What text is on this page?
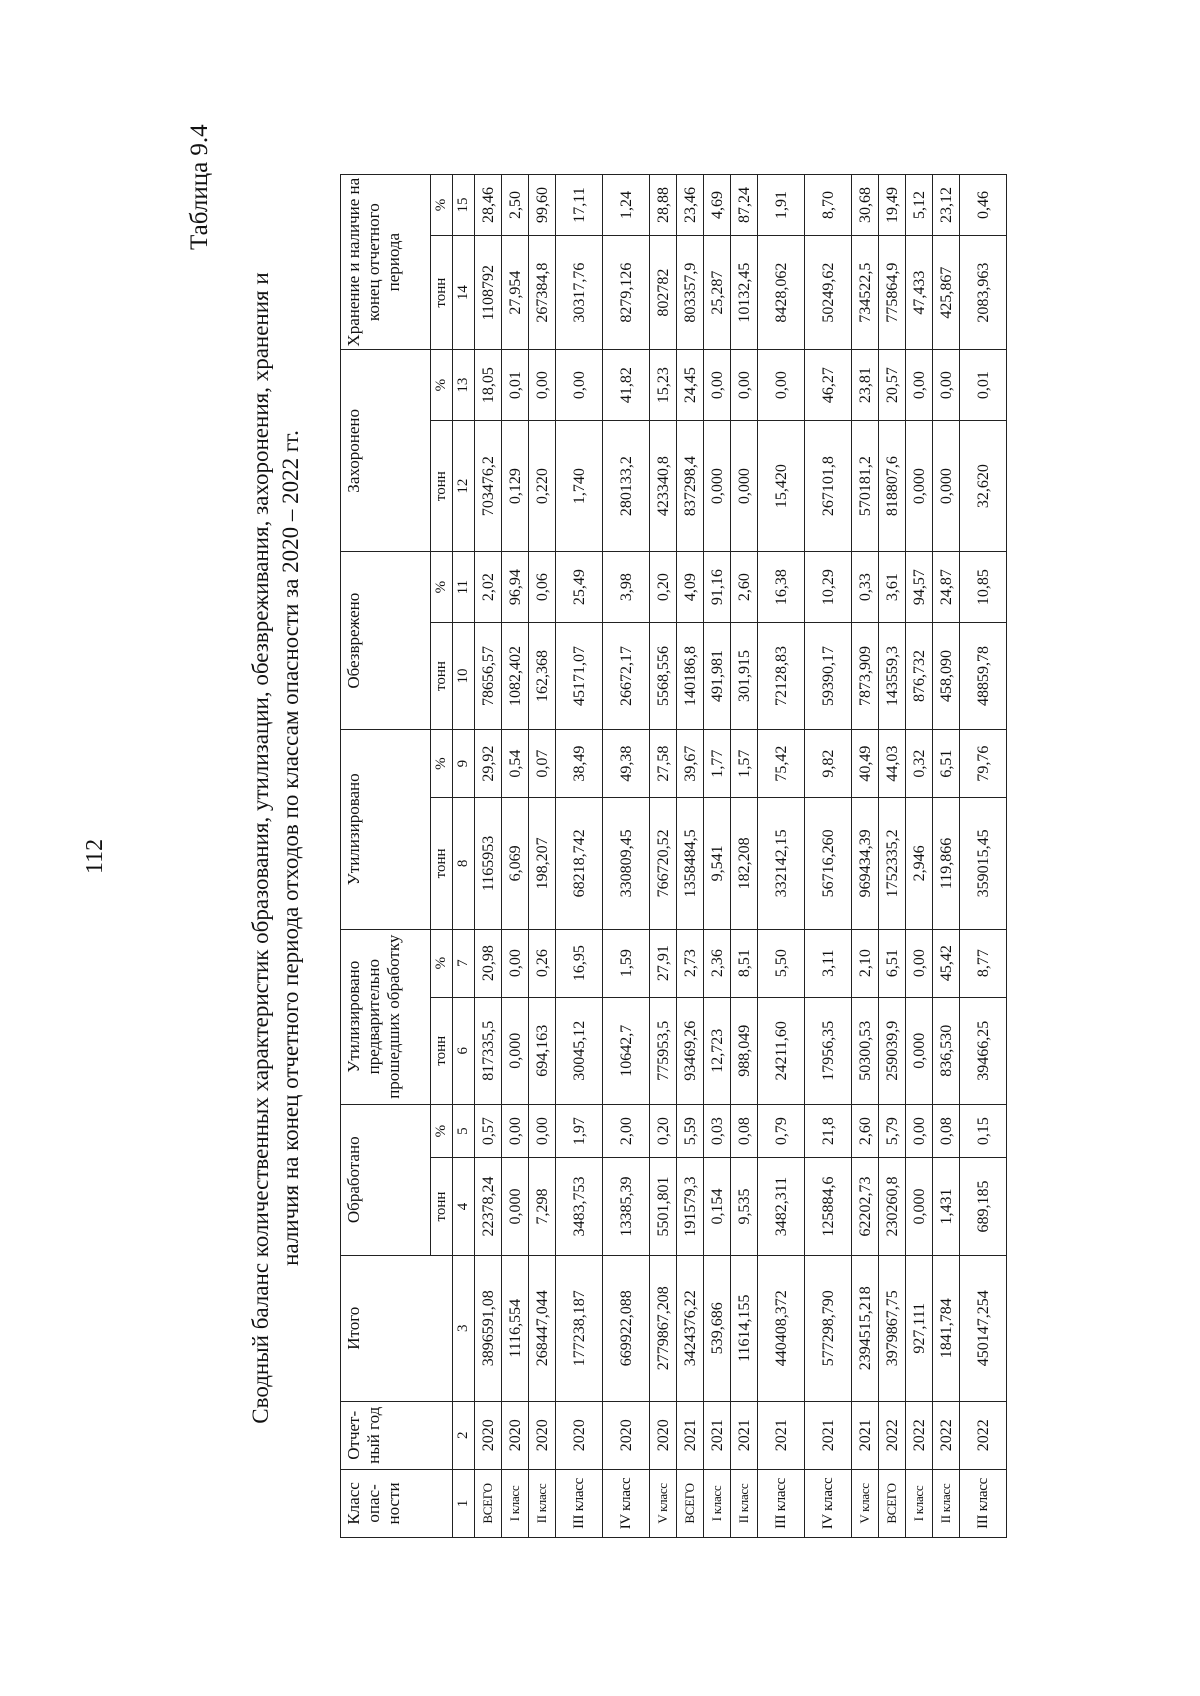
112
Таблица 9.4
Сводный баланс количественных характеристик образования, утилизации, обезвреживания, захоронения, хранения и наличия на конец отчетного периода отходов по классам опасности за 2020 – 2022 гг.
Класс опас-ности	Отчет-ный год	Итого	Обработано		Утилизировано предварительно прошедших обработку		Утилизировано		Обезврежено		Захоронено		Хранение и наличие на конец отчетного периода	
			тонн	%	тонн	%	тонн	%	тонн	%	тонн	%	тонн	%
1	2	3	4	5	6	7	8	9	10	11	12	13	14	15
ВСЕГО	2020	3896591,08	22378,24	0,57	817335,5	20,98	1165953	29,92	78656,57	2,02	703476,2	18,05	1108792	28,46
I класс	2020	1116,554	0,000	0,00	0,000	0,00	6,069	0,54	1082,402	96,94	0,129	0,01	27,954	2,50
II класс	2020	268447,044	7,298	0,00	694,163	0,26	198,207	0,07	162,368	0,06	0,220	0,00	267384,8	99,60
III класс	2020	177238,187	3483,753	1,97	30045,12	16,95	68218,742	38,49	45171,07	25,49	1,740	0,00	30317,76	17,11
IV класс	2020	669922,088	13385,39	2,00	10642,7	1,59	330809,45	49,38	26672,17	3,98	280133,2	41,82	8279,126	1,24
V класс	2020	2779867,208	5501,801	0,20	775953,5	27,91	766720,52	27,58	5568,556	0,20	423340,8	15,23	802782	28,88
ВСЕГО	2021	3424376,22	191579,3	5,59	93469,26	2,73	1358484,5	39,67	140186,8	4,09	837298,4	24,45	803357,9	23,46
I класс	2021	539,686	0,154	0,03	12,723	2,36	9,541	1,77	491,981	91,16	0,000	0,00	25,287	4,69
II класс	2021	11614,155	9,535	0,08	988,049	8,51	182,208	1,57	301,915	2,60	0,000	0,00	10132,45	87,24
III класс	2021	440408,372	3482,311	0,79	24211,60	5,50	332142,15	75,42	72128,83	16,38	15,420	0,00	8428,062	1,91
IV класс	2021	577298,790	125884,6	21,8	17956,35	3,11	56716,260	9,82	59390,17	10,29	267101,8	46,27	50249,62	8,70
V класс	2021	2394515,218	62202,73	2,60	50300,53	2,10	969434,39	40,49	7873,909	0,33	570181,2	23,81	734522,5	30,68
ВСЕГО	2022	3979867,75	230260,8	5,79	259039,9	6,51	1752335,2	44,03	143559,3	3,61	818807,6	20,57	775864,9	19,49
I класс	2022	927,111	0,000	0,00	0,000	0,00	2,946	0,32	876,732	94,57	0,000	0,00	47,433	5,12
II класс	2022	1841,784	1,431	0,08	836,530	45,42	119,866	6,51	458,090	24,87	0,000	0,00	425,867	23,12
III класс	2022	450147,254	689,185	0,15	39466,25	8,77	359015,45	79,76	48859,78	10,85	32,620	0,01	2083,963	0,46
